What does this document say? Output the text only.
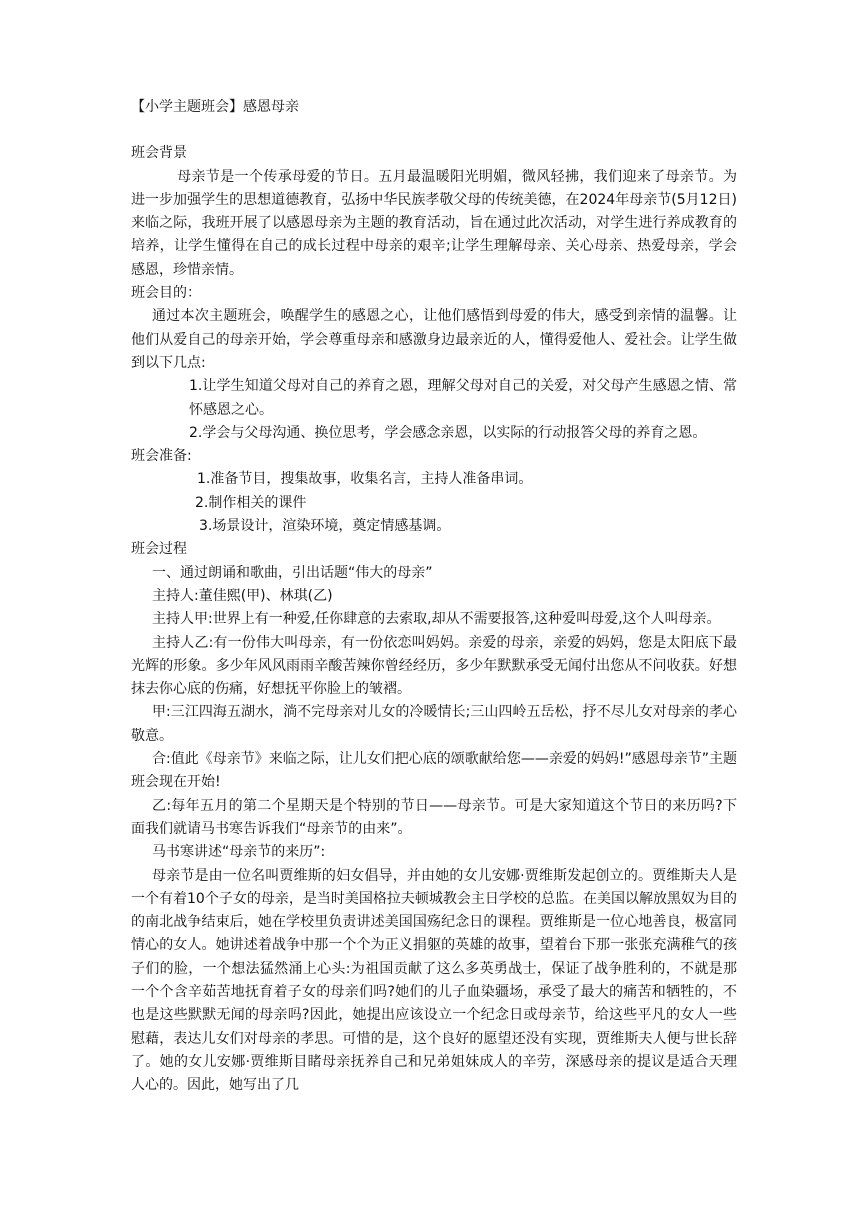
【小学主题班会】感恩母亲

班会背景

母亲节是一个传承母爱的节日。五月最温暖阳光明媚，微风轻拂，我们迎来了母亲节。为进一步加强学生的思想道德教育，弘扬中华民族孝敬父母的传统美德，在2024年母亲节(5月12日)来临之际，我班开展了以感恩母亲为主题的教育活动，旨在通过此次活动，对学生进行养成教育的培养，让学生懂得在自己的成长过程中母亲的艰辛;让学生理解母亲、关心母亲、热爱母亲，学会感恩，珍惜亲情。

班会目的：

通过本次主题班会，唤醒学生的感恩之心，让他们感悟到母爱的伟大，感受到亲情的温馨。让他们从爱自己的母亲开始，学会尊重母亲和感激身边最亲近的人，懂得爱他人、爱社会。让学生做到以下几点:

1.让学生知道父母对自己的养育之恩，理解父母对自己的关爱，对父母产生感恩之情、常怀感恩之心。

2.学会与父母沟通、换位思考，学会感念亲恩，以实际的行动报答父母的养育之恩。

班会准备:

1.准备节目，搜集故事，收集名言，主持人准备串词。

2.制作相关的课件

3.场景设计，渲染环境，奠定情感基调。

班会过程

一、通过朗诵和歌曲，引出话题“伟大的母亲”

主持人:董佳熙(甲)、林琪(乙)

主持人甲:世界上有一种爱,任你肆意的去索取,却从不需要报答,这种爱叫母爱,这个人叫母亲。

主持人乙:有一份伟大叫母亲，有一份依恋叫妈妈。亲爱的母亲，亲爱的妈妈，您是太阳底下最光辉的形象。多少年风风雨雨辛酸苦辣你曾经经历，多少年默默承受无闻付出您从不问收获。好想抹去你心底的伤痛，好想抚平你脸上的皱褶。

甲:三江四海五湖水，淌不完母亲对儿女的冷暖情长;三山四岭五岳松，抒不尽儿女对母亲的孝心敬意。

合:值此《母亲节》来临之际，让儿女们把心底的颂歌献给您——亲爱的妈妈!”感恩母亲节”主题班会现在开始!

乙:每年五月的第二个星期天是个特别的节日——母亲节。可是大家知道这个节日的来历吗?下面我们就请马书寒告诉我们“母亲节的由来”。

马书寒讲述“母亲节的来历”:

母亲节是由一位名叫贾维斯的妇女倡导，并由她的女儿安娜·贾维斯发起创立的。贾维斯夫人是一个有着10个子女的母亲，是当时美国格拉夫顿城教会主日学校的总监。在美国以解放黑奴为目的的南北战争结束后，她在学校里负责讲述美国国殇纪念日的课程。贾维斯是一位心地善良，极富同情心的女人。她讲述着战争中那一个个为正义捐躯的英雄的故事，望着台下那一张张充满稚气的孩子们的脸，一个想法猛然涌上心头:为祖国贡献了这么多英勇战士，保证了战争胜利的，不就是那一个个含辛茹苦地抚育着子女的母亲们吗?她们的儿子血染疆场，承受了最大的痛苦和牺牲的，不也是这些默默无闻的母亲吗?因此，她提出应该设立一个纪念日或母亲节，给这些平凡的女人一些慰藉，表达儿女们对母亲的孝思。可惜的是，这个良好的愿望还没有实现，贾维斯夫人便与世长辞了。她的女儿安娜·贾维斯目睹母亲抚养自己和兄弟姐妹成人的辛劳，深感母亲的提议是适合天理人心的。因此，她写出了几
